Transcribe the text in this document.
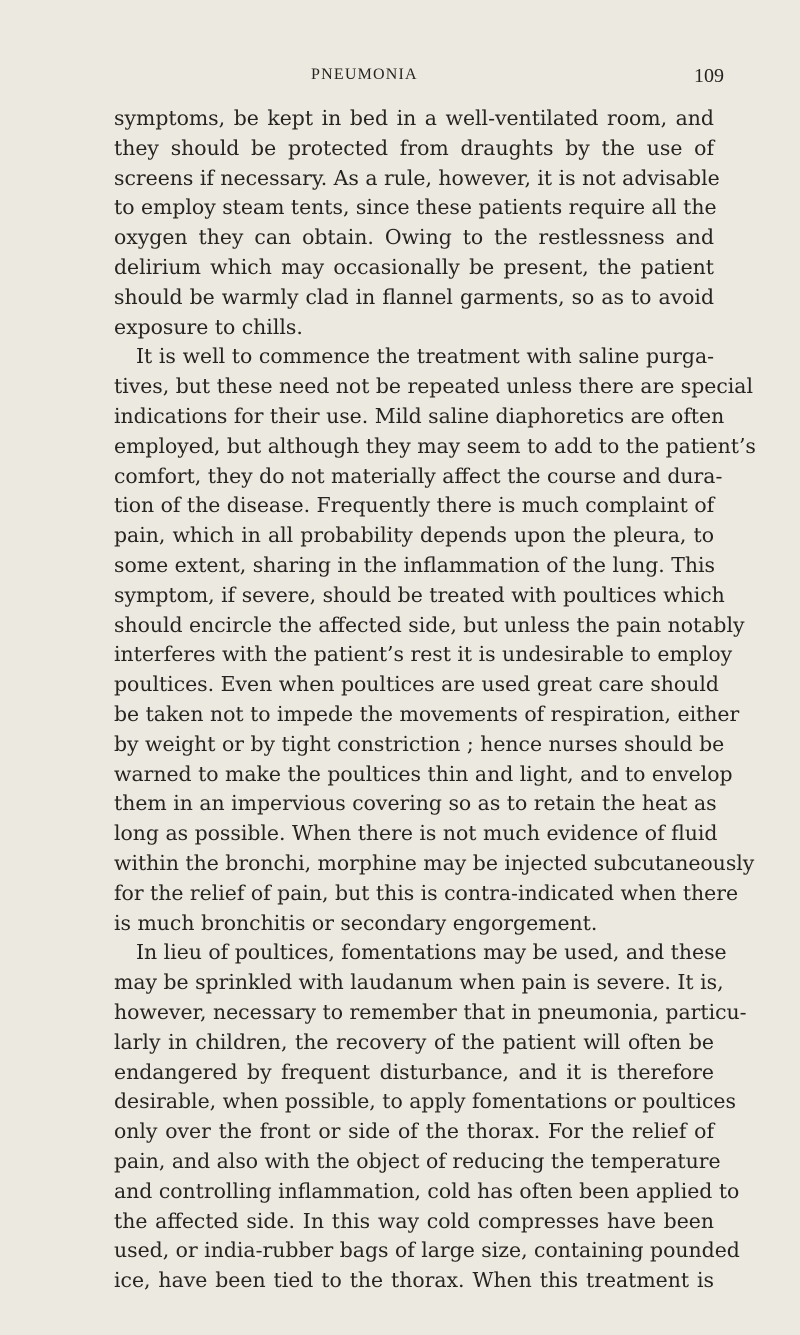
PNEUMONIA	109
symptoms, be kept in bed in a well-ventilated room, and
they should be protected from draughts by the use of
screens if necessary. As a rule, however, it is not advisable
to employ steam tents, since these patients require all the
oxygen they can obtain. Owing to the restlessness and
delirium which may occasionally be present, the patient
should be warmly clad in flannel garments, so as to avoid
exposure to chills.
It is well to commence the treatment with saline purga-
tives, but these need not be repeated unless there are special
indications for their use. Mild saline diaphoretics are often
employed, but although they may seem to add to the patient’s
comfort, they do not materially affect the course and dura-
tion of the disease. Frequently there is much complaint of
pain, which in all probability depends upon the pleura, to
some extent, sharing in the inflammation of the lung. This
symptom, if severe, should be treated with poultices which
should encircle the affected side, but unless the pain notably
interferes with the patient’s rest it is undesirable to employ
poultices. Even when poultices are used great care should
be taken not to impede the movements of respiration, either
by weight or by tight constriction ; hence nurses should be
warned to make the poultices thin and light, and to envelop
them in an impervious covering so as to retain the heat as
long as possible. When there is not much evidence of fluid
within the bronchi, morphine may be injected subcutaneously
for the relief of pain, but this is contra-indicated when there
is much bronchitis or secondary engorgement.
In lieu of poultices, fomentations may be used, and these
may be sprinkled with laudanum when pain is severe. It is,
however, necessary to remember that in pneumonia, particu-
larly in children, the recovery of the patient will often be
endangered by frequent disturbance, and it is therefore
desirable, when possible, to apply fomentations or poultices
only over the front or side of the thorax. For the relief of
pain, and also with the object of reducing the temperature
and controlling inflammation, cold has often been applied to
the affected side. In this way cold compresses have been
used, or india-rubber bags of large size, containing pounded
ice, have been tied to the thorax. When this treatment is
